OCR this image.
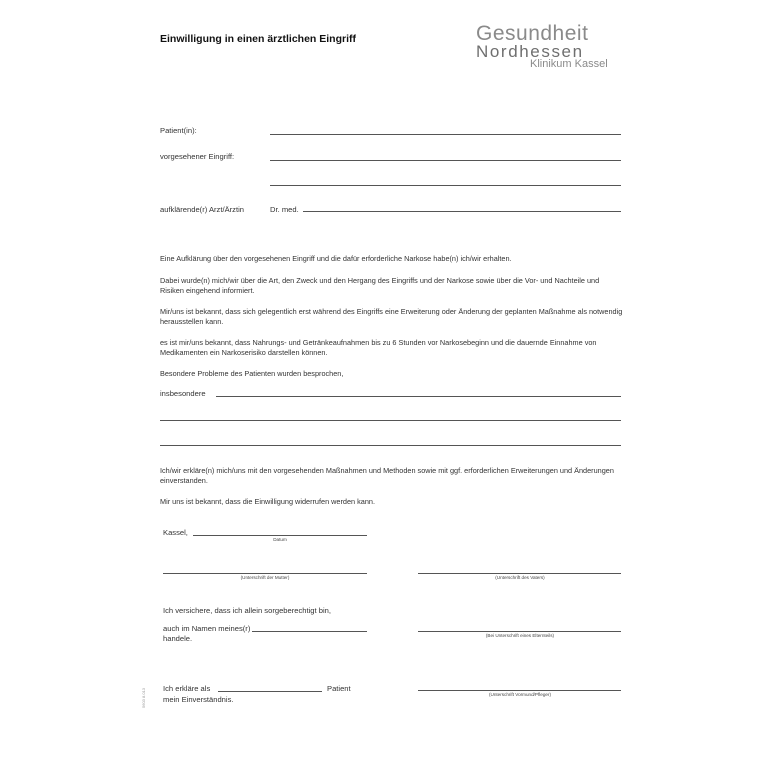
Einwilligung in einen ärztlichen Eingriff	Gesundheit
Nordhessen
Klinikum Kassel
Patient(in):
vorgesehener Eingriff:
aufklärende(r) Arzt/Ärztin	Dr. med.
Eine Aufklärung über den vorgesehenen Eingriff und die dafür erforderliche Narkose habe(n) ich/wir erhalten.
Dabei wurde(n) mich/wir über die Art, den Zweck und den Hergang des Eingriffs und der Narkose sowie über die Vor- und Nachteile und Risiken eingehend informiert.
Mir/uns ist bekannt, dass sich gelegentlich erst während des Eingriffs eine Erweiterung oder Änderung der geplanten Maßnahme als notwendig herausstellen kann.
es ist mir/uns bekannt, dass Nahrungs- und Getränkeaufnahmen bis zu 6 Stunden vor Narkosebeginn und die dauernde Einnahme von Medikamenten ein Narkoserisiko darstellen können.
Besondere Probleme des Patienten wurden besprochen,
insbesondere
Ich/wir erkläre(n) mich/uns mit den vorgesehenden Maßnahmen und Methoden sowie mit ggf. erforderlichen Erweiterungen und Änderungen einverstanden.
Mir uns ist bekannt, dass die Einwilligung widerrufen werden kann.
Kassel,
Datum
(Unterschrift der Mutter)	(Unterschrift des Vaters)
Ich versichere, dass ich allein sorgeberechtigt bin,
auch im Namen meines(r)
handele.	(Bei Unterschrift eines Elternteils)
Ich erkläre als	Patient
mein Einverständnis.
(Unterschrift Vormund/Pfleger)
5603 8.013
